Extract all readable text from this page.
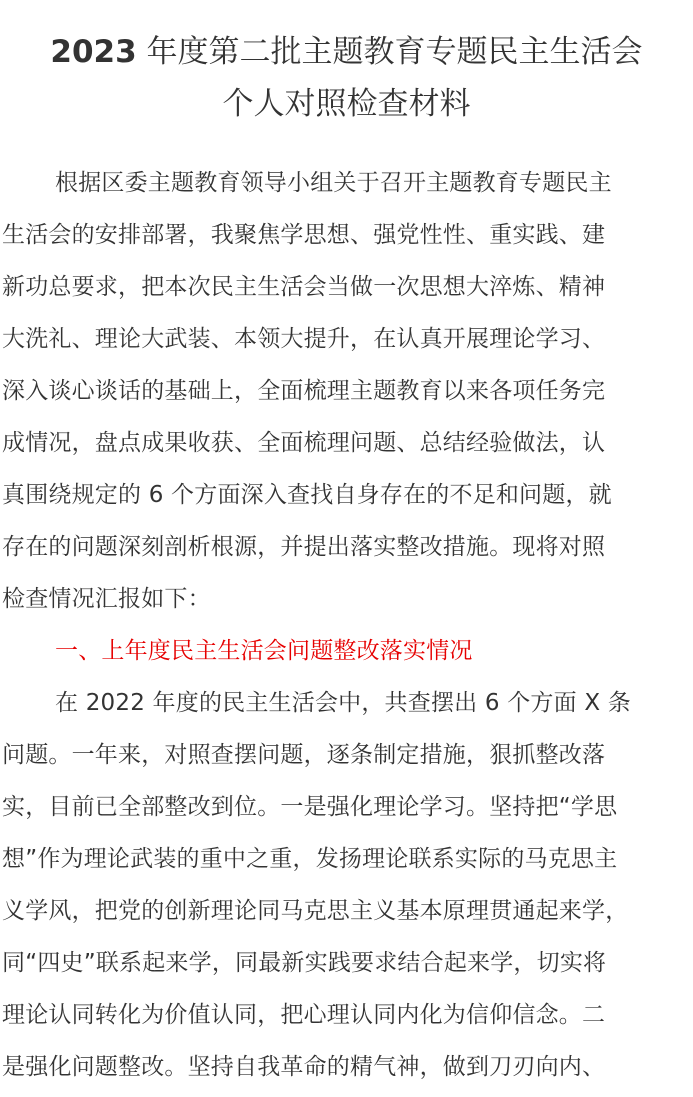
2023 年度第二批主题教育专题民主生活会
个人对照检查材料
根据区委主题教育领导小组关于召开主题教育专题民主
生活会的安排部署，我聚焦学思想、强党性性、重实践、建
新功总要求，把本次民主生活会当做一次思想大淬炼、精神
大洗礼、理论大武装、本领大提升，在认真开展理论学习、
深入谈心谈话的基础上，全面梳理主题教育以来各项任务完
成情况，盘点成果收获、全面梳理问题、总结经验做法，认
真围绕规定的 6 个方面深入查找自身存在的不足和问题，就
存在的问题深刻剖析根源，并提出落实整改措施。现将对照
检查情况汇报如下：
一、上年度民主生活会问题整改落实情况
在 2022 年度的民主生活会中，共查摆出 6 个方面 X 条
问题。一年来，对照查摆问题，逐条制定措施，狠抓整改落
实，目前已全部整改到位。一是强化理论学习。坚持把“学思
想”作为理论武装的重中之重，发扬理论联系实际的马克思主
义学风，把党的创新理论同马克思主义基本原理贯通起来学，
同“四史”联系起来学，同最新实践要求结合起来学，切实将
理论认同转化为价值认同，把心理认同内化为信仰信念。二
是强化问题整改。坚持自我革命的精气神，做到刀刃向内、
